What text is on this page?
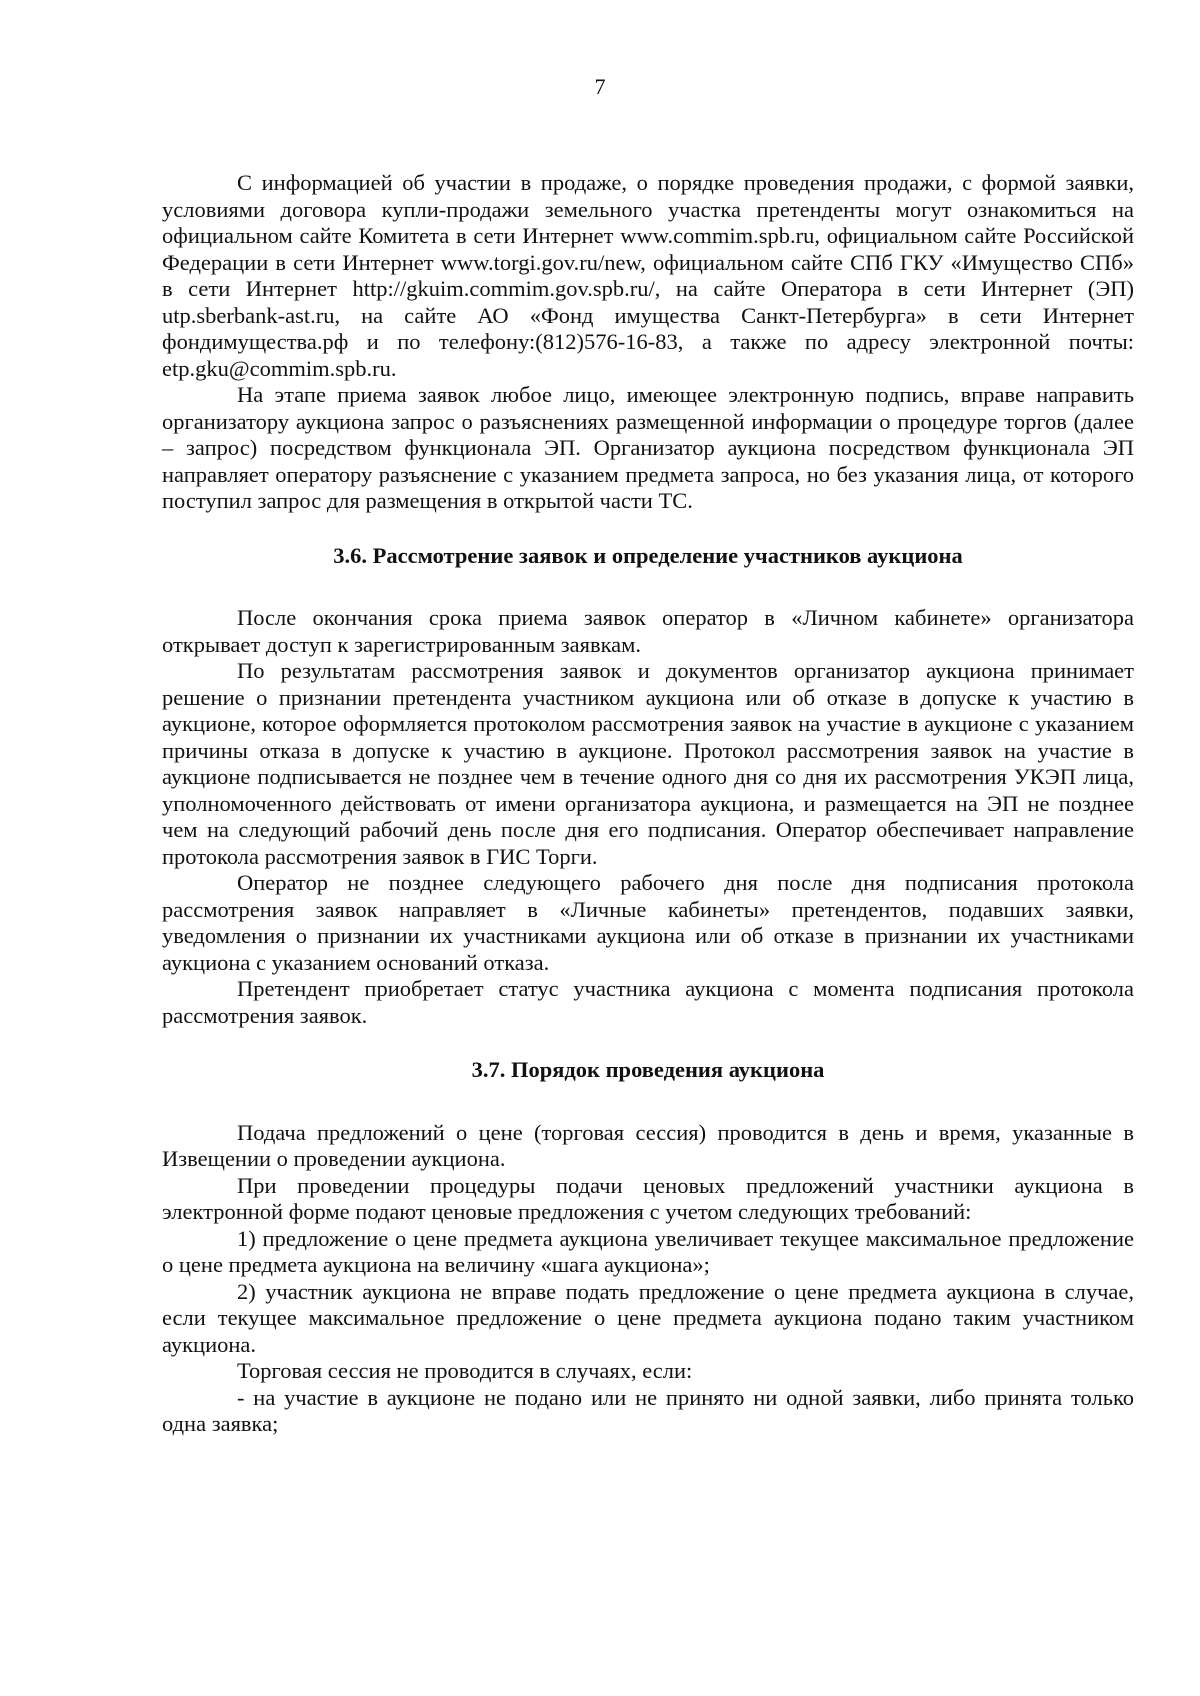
7

С информацией об участии в продаже, о порядке проведения продажи, с формой заявки, условиями договора купли-продажи земельного участка претенденты могут ознакомиться на официальном сайте Комитета в сети Интернет www.commim.spb.ru, официальном сайте Российской Федерации в сети Интернет www.torgi.gov.ru/new, официальном сайте СПб ГКУ «Имущество СПб» в сети Интернет http://gkuim.commim.gov.spb.ru/, на сайте Оператора в сети Интернет (ЭП) utp.sberbank-ast.ru, на сайте АО «Фонд имущества Санкт-Петербурга» в сети Интернет фондимущества.рф и по телефону:(812)576-16-83, а также по адресу электронной почты: etp.gku@commim.spb.ru.

На этапе приема заявок любое лицо, имеющее электронную подпись, вправе направить организатору аукциона запрос о разъяснениях размещенной информации о процедуре торгов (далее – запрос) посредством функционала ЭП. Организатор аукциона посредством функционала ЭП направляет оператору разъяснение с указанием предмета запроса, но без указания лица, от которого поступил запрос для размещения в открытой части ТС.

3.6. Рассмотрение заявок и определение участников аукциона

После окончания срока приема заявок оператор в «Личном кабинете» организатора открывает доступ к зарегистрированным заявкам.

По результатам рассмотрения заявок и документов организатор аукциона принимает решение о признании претендента участником аукциона или об отказе в допуске к участию в аукционе, которое оформляется протоколом рассмотрения заявок на участие в аукционе с указанием причины отказа в допуске к участию в аукционе. Протокол рассмотрения заявок на участие в аукционе подписывается не позднее чем в течение одного дня со дня их рассмотрения УКЭП лица, уполномоченного действовать от имени организатора аукциона, и размещается на ЭП не позднее чем на следующий рабочий день после дня его подписания. Оператор обеспечивает направление протокола рассмотрения заявок в ГИС Торги.

Оператор не позднее следующего рабочего дня после дня подписания протокола рассмотрения заявок направляет в «Личные кабинеты» претендентов, подавших заявки, уведомления о признании их участниками аукциона или об отказе в признании их участниками аукциона с указанием оснований отказа.

Претендент приобретает статус участника аукциона с момента подписания протокола рассмотрения заявок.

3.7. Порядок проведения аукциона

Подача предложений о цене (торговая сессия) проводится в день и время, указанные в Извещении о проведении аукциона.

При проведении процедуры подачи ценовых предложений участники аукциона в электронной форме подают ценовые предложения с учетом следующих требований:

1) предложение о цене предмета аукциона увеличивает текущее максимальное предложение о цене предмета аукциона на величину «шага аукциона»;

2) участник аукциона не вправе подать предложение о цене предмета аукциона в случае, если текущее максимальное предложение о цене предмета аукциона подано таким участником аукциона.

Торговая сессия не проводится в случаях, если:

- на участие в аукционе не подано или не принято ни одной заявки, либо принята только одна заявка;
